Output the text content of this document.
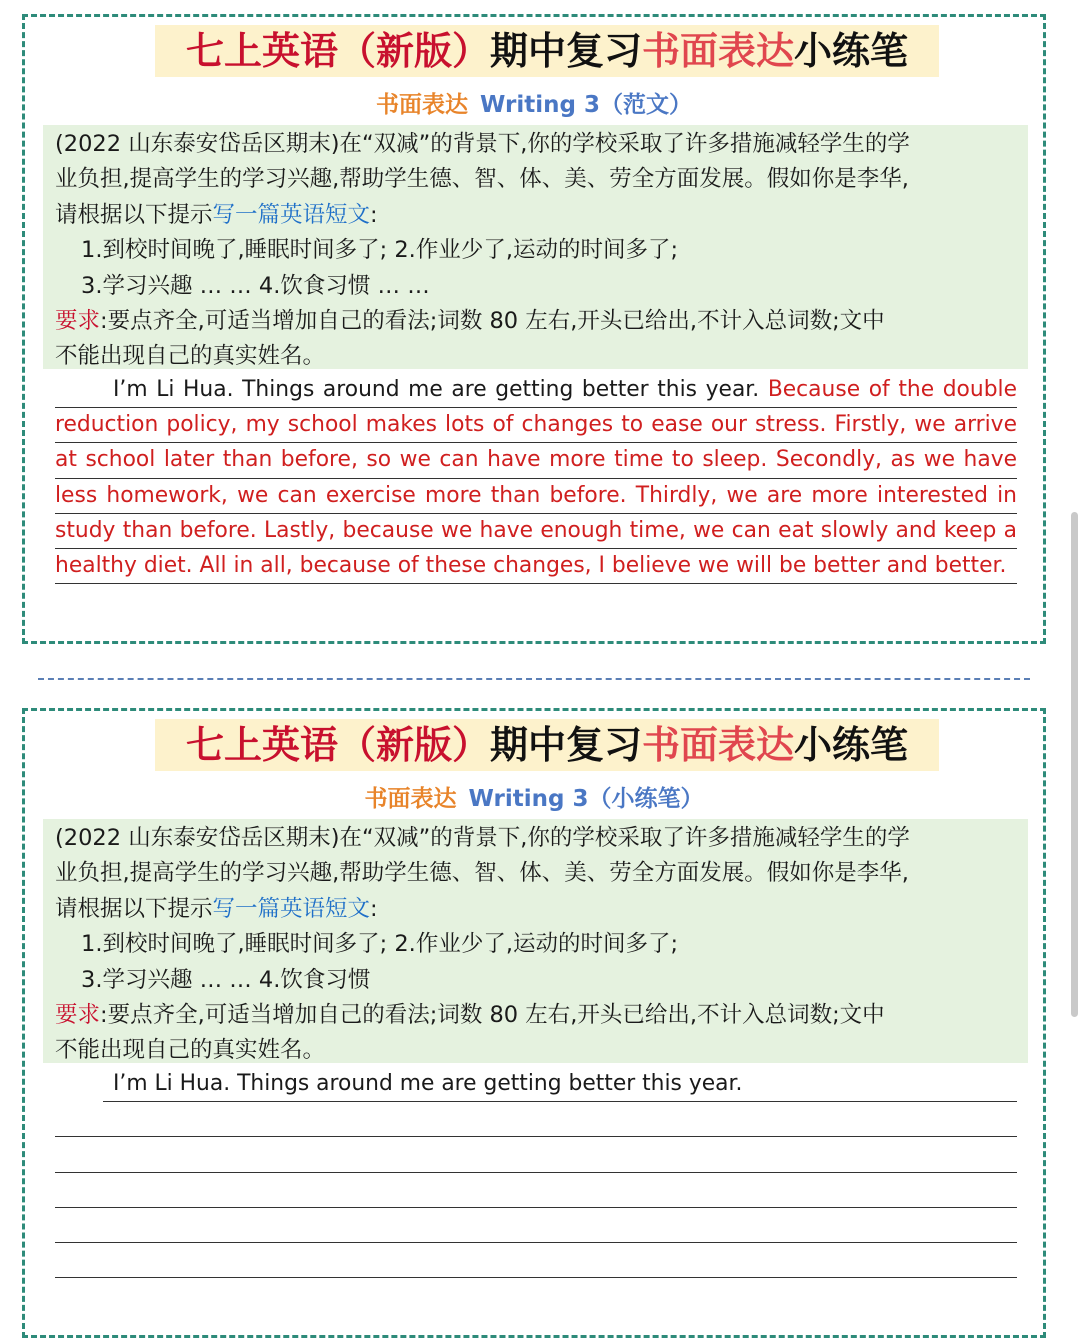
七上英语（新版）期中复习书面表达小练笔
书面表达 Writing 3（范文）

(2022 山东泰安岱岳区期末)在“双减”的背景下,你的学校采取了许多措施减轻学生的学

业负担,提高学生的学习兴趣,帮助学生德、智、体、美、劳全方面发展。假如你是李华,

请根据以下提示写一篇英语短文:

1.到校时间晚了,睡眠时间多了; 2.作业少了,运动的时间多了;

3.学习兴趣 … … 4.饮食习惯 … …

要求:要点齐全,可适当增加自己的看法;词数 80 左右,开头已给出,不计入总词数;文中

不能出现自己的真实姓名。

I’m Li Hua. Things around me are getting better this year. Because of the double
reduction policy, my school makes lots of changes to ease our stress. Firstly, we arrive
at school later than before, so we can have more time to sleep. Secondly, as we have
less homework, we can exercise more than before. Thirdly, we are more interested in
study than before. Lastly, because we have enough time, we can eat slowly and keep a
healthy diet. All in all, because of these changes, I believe we will be better and better.
七上英语（新版）期中复习书面表达小练笔
书面表达 Writing 3（小练笔）

(2022 山东泰安岱岳区期末)在“双减”的背景下,你的学校采取了许多措施减轻学生的学

业负担,提高学生的学习兴趣,帮助学生德、智、体、美、劳全方面发展。假如你是李华,

请根据以下提示写一篇英语短文:

1.到校时间晚了,睡眠时间多了; 2.作业少了,运动的时间多了;

3.学习兴趣 … … 4.饮食习惯

要求:要点齐全,可适当增加自己的看法;词数 80 左右,开头已给出,不计入总词数;文中

不能出现自己的真实姓名。

I’m Li Hua. Things around me are getting better this year.
